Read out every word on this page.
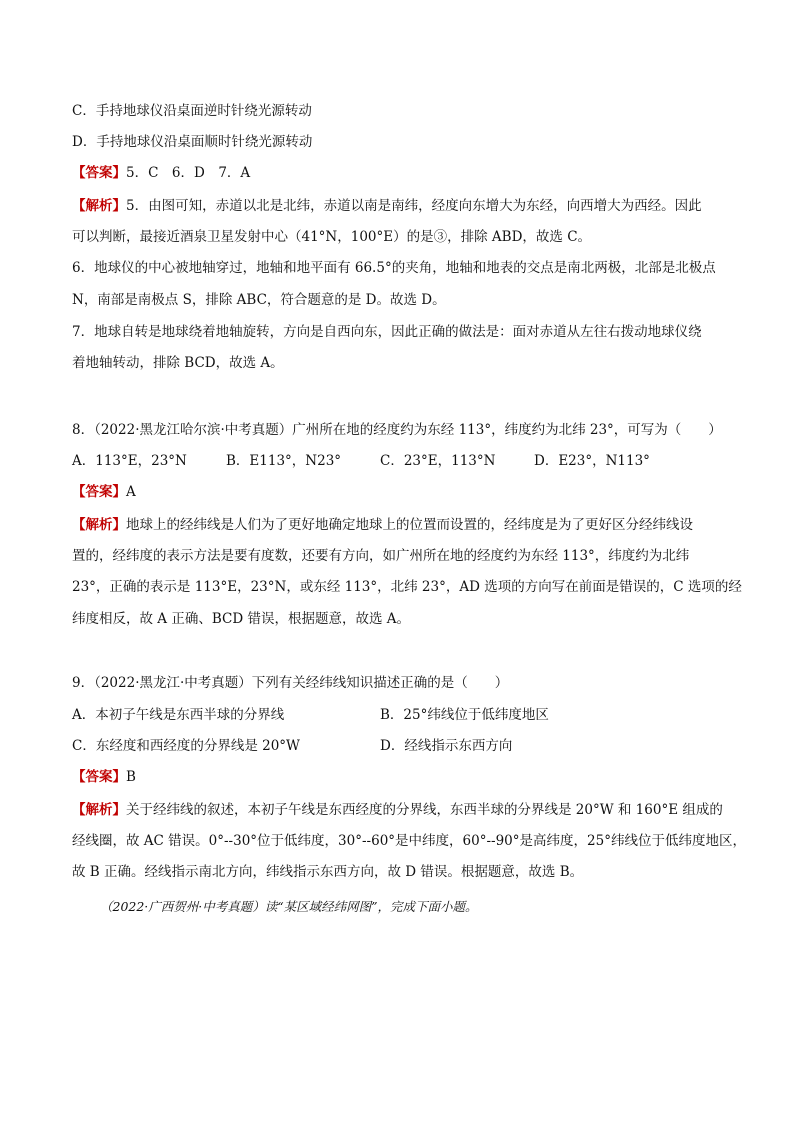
C．手持地球仪沿桌面逆时针绕光源转动
D．手持地球仪沿桌面顺时针绕光源转动
【答案】5．C　6．D　7．A
【解析】5．由图可知，赤道以北是北纬，赤道以南是南纬，经度向东增大为东经，向西增大为西经。因此
可以判断，最接近酒泉卫星发射中心（41°N，100°E）的是③，排除 ABD，故选 C。
6．地球仪的中心被地轴穿过，地轴和地平面有 66.5°的夹角，地轴和地表的交点是南北两极，北部是北极点
N，南部是南极点 S，排除 ABC，符合题意的是 D。故选 D。
7．地球自转是地球绕着地轴旋转，方向是自西向东，因此正确的做法是：面对赤道从左往右拨动地球仪绕
着地轴转动，排除 BCD，故选 A。
8．（2022·黑龙江哈尔滨·中考真题）广州所在地的经度约为东经 113°，纬度约为北纬 23°，可写为（　　）
A．113°E，23°N	B．E113°，N23°	C．23°E，113°N	D．E23°，N113°
【答案】A
【解析】地球上的经纬线是人们为了更好地确定地球上的位置而设置的，经纬度是为了更好区分经纬线设
置的，经纬度的表示方法是要有度数，还要有方向，如广州所在地的经度约为东经 113°，纬度约为北纬
23°，正确的表示是 113°E，23°N，或东经 113°，北纬 23°，AD 选项的方向写在前面是错误的，C 选项的经
纬度相反，故 A 正确、BCD 错误，根据题意，故选 A。
9．（2022·黑龙江·中考真题）下列有关经纬线知识描述正确的是（　　）
A．本初子午线是东西半球的分界线	B．25°纬线位于低纬度地区
C．东经度和西经度的分界线是 20°W	D．经线指示东西方向
【答案】B
【解析】关于经纬线的叙述，本初子午线是东西经度的分界线，东西半球的分界线是 20°W 和 160°E 组成的
经线圈，故 AC 错误。0°--30°位于低纬度，30°--60°是中纬度，60°--90°是高纬度，25°纬线位于低纬度地区，
故 B 正确。经线指示南北方向，纬线指示东西方向，故 D 错误。根据题意，故选 B。
（2022·广西贺州·中考真题）读“某区域经纬网图”，完成下面小题。
